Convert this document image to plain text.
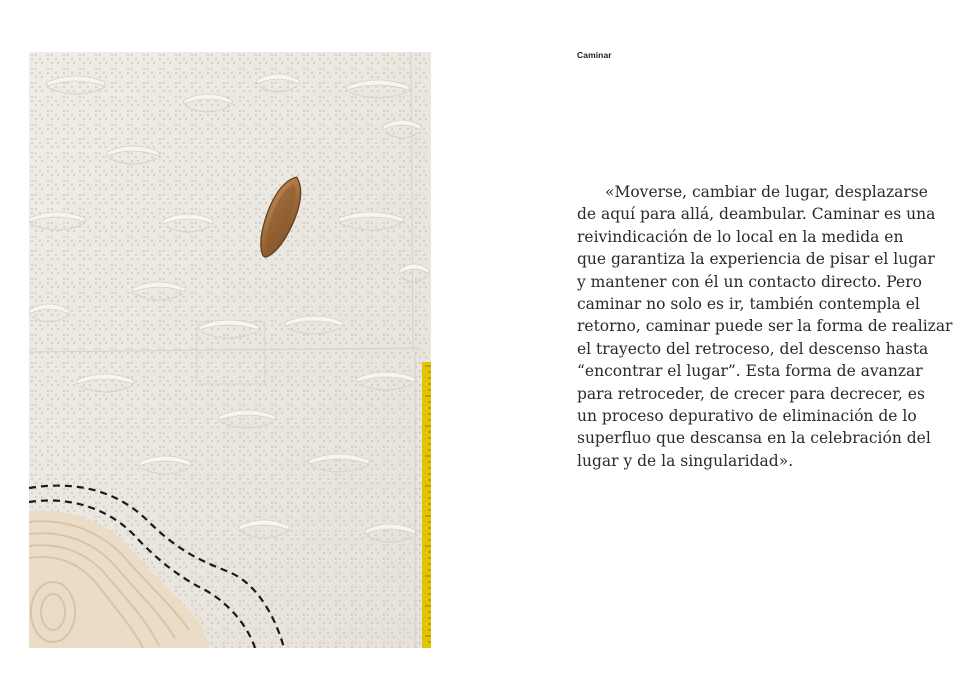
Caminar

«Moverse, cambiar de lugar, desplazarse
de aquí para allá, deambular. Caminar es una
reivindicación de lo local en la medida en
que garantiza la experiencia de pisar el lugar
y mantener con él un contacto directo. Pero
caminar no solo es ir, también contempla el
retorno, caminar puede ser la forma de realizar
el trayecto del retroceso, del descenso hasta
“encontrar el lugar”. Esta forma de avanzar
para retroceder, de crecer para decrecer, es
un proceso depurativo de eliminación de lo
superfluo que descansa en la celebración del
lugar y de la singularidad».
